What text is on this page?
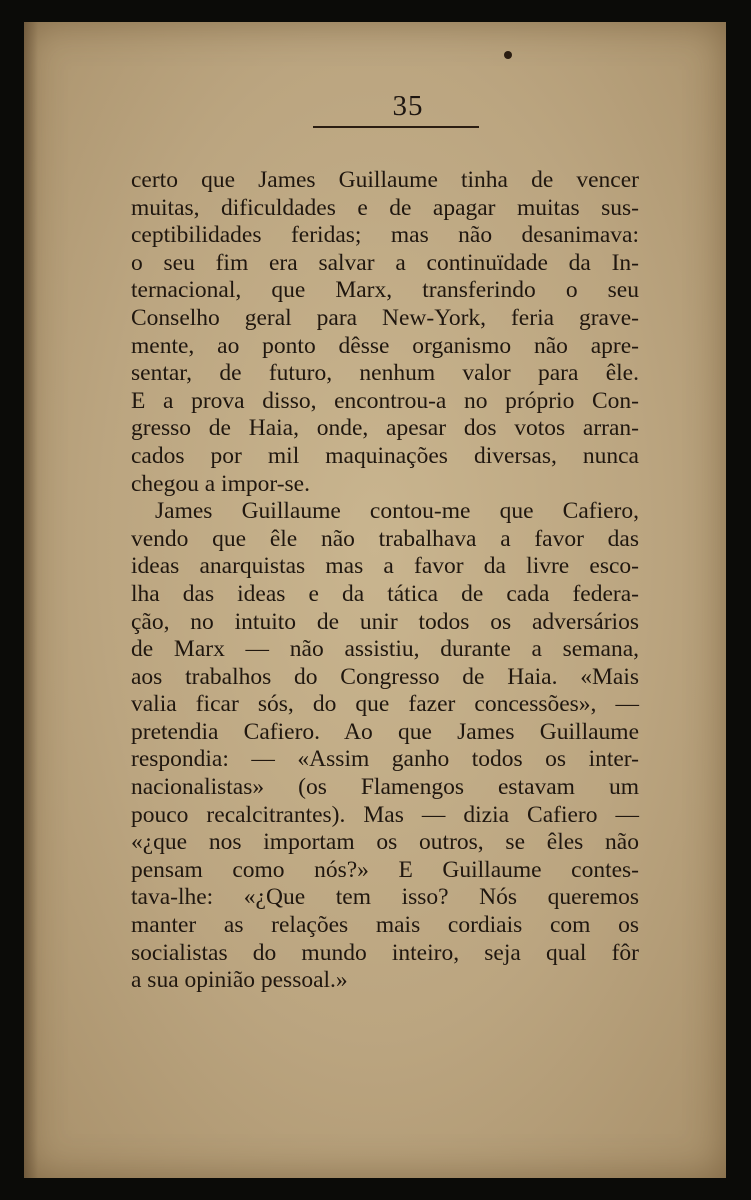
35
certo que James Guillaume tinha de vencer
muitas, dificuldades e de apagar muitas sus-
ceptibilidades feridas; mas não desanimava:
o seu fim era salvar a continuïdade da In-
ternacional, que Marx, transferindo o seu
Conselho geral para New-York, feria grave-
mente, ao ponto dêsse organismo não apre-
sentar, de futuro, nenhum valor para êle.
E a prova disso, encontrou-a no próprio Con-
gresso de Haia, onde, apesar dos votos arran-
cados por mil maquinações diversas, nunca
chegou a impor-se.
James Guillaume contou-me que Cafiero,
vendo que êle não trabalhava a favor das
ideas anarquistas mas a favor da livre esco-
lha das ideas e da tática de cada federa-
ção, no intuito de unir todos os adversários
de Marx — não assistiu, durante a semana,
aos trabalhos do Congresso de Haia. «Mais
valia ficar sós, do que fazer concessões», —
pretendia Cafiero. Ao que James Guillaume
respondia: — «Assim ganho todos os inter-
nacionalistas» (os Flamengos estavam um
pouco recalcitrantes). Mas — dizia Cafiero —
«¿que nos importam os outros, se êles não
pensam como nós?» E Guillaume contes-
tava-lhe: «¿Que tem isso? Nós queremos
manter as relações mais cordiais com os
socialistas do mundo inteiro, seja qual fôr
a sua opinião pessoal.»
